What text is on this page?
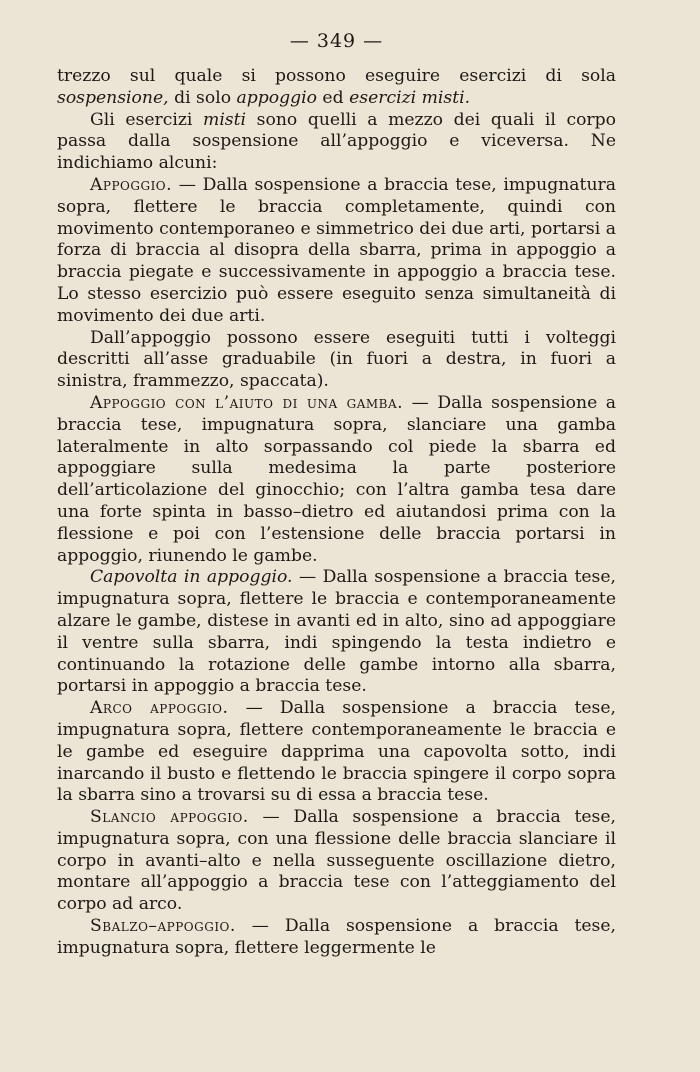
— 349 —

trezzo sul quale si possono eseguire esercizi di sola sospensione, di solo appoggio ed esercizi misti.

Gli esercizi misti sono quelli a mezzo dei quali il corpo passa dalla sospensione all’appoggio e viceversa. Ne indichiamo alcuni:

Appoggio. — Dalla sospensione a braccia tese, impugnatura sopra, flettere le braccia completamente, quindi con movimento contemporaneo e simmetrico dei due arti, portarsi a forza di braccia al disopra della sbarra, prima in appoggio a braccia piegate e successivamente in appoggio a braccia tese. Lo stesso esercizio può essere eseguito senza simultaneità di movimento dei due arti.

Dall’appoggio possono essere eseguiti tutti i volteggi descritti all’asse graduabile (in fuori a destra, in fuori a sinistra, frammezzo, spaccata).

Appoggio con l’aiuto di una gamba. — Dalla sospensione a braccia tese, impugnatura sopra, slanciare una gamba lateralmente in alto sorpassando col piede la sbarra ed appoggiare sulla medesima la parte posteriore dell’articolazione del ginocchio; con l’altra gamba tesa dare una forte spinta in basso–dietro ed aiutandosi prima con la flessione e poi con l’estensione delle braccia portarsi in appoggio, riunendo le gambe.

Capovolta in appoggio. — Dalla sospensione a braccia tese, impugnatura sopra, flettere le braccia e contemporaneamente alzare le gambe, distese in avanti ed in alto, sino ad appoggiare il ventre sulla sbarra, indi spingendo la testa indietro e continuando la rotazione delle gambe intorno alla sbarra, portarsi in appoggio a braccia tese.

Arco appoggio. — Dalla sospensione a braccia tese, impugnatura sopra, flettere contemporaneamente le braccia e le gambe ed eseguire dapprima una capovolta sotto, indi inarcando il busto e flettendo le braccia spingere il corpo sopra la sbarra sino a trovarsi su di essa a braccia tese.

Slancio appoggio. — Dalla sospensione a braccia tese, impugnatura sopra, con una flessione delle braccia slanciare il corpo in avanti–alto e nella susseguente oscillazione dietro, montare all’appoggio a braccia tese con l’atteggiamento del corpo ad arco.

Sbalzo–appoggio. — Dalla sospensione a braccia tese, impugnatura sopra, flettere leggermente le
